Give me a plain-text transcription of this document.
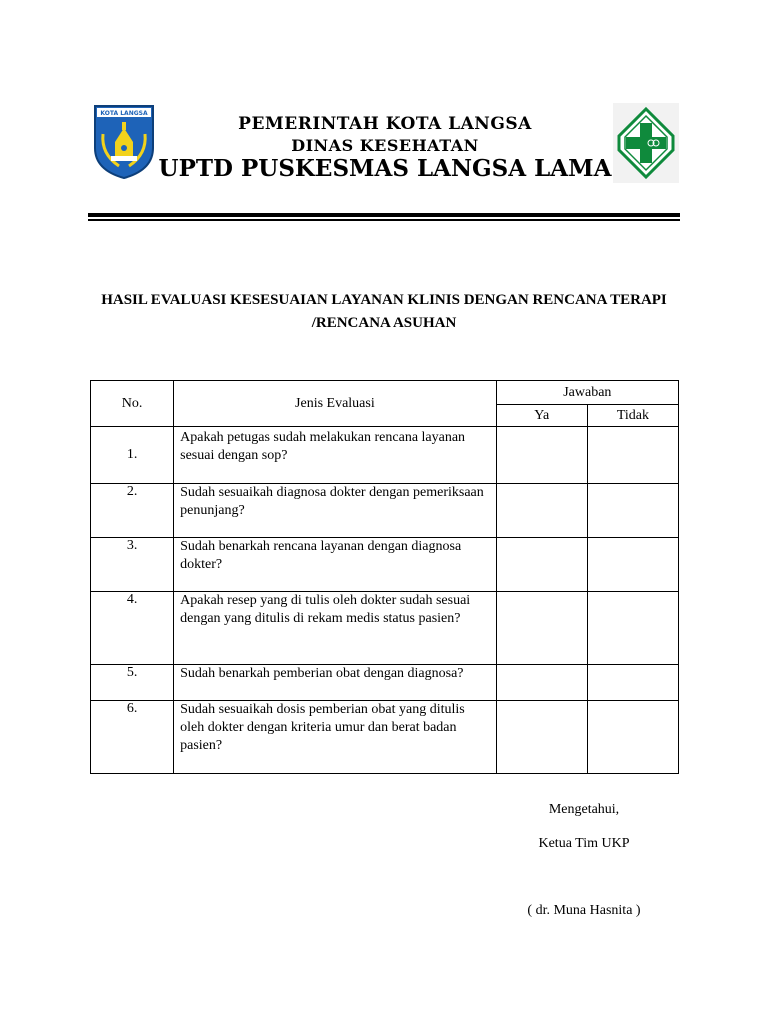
KOTA LANGSA
PEMERINTAH KOTA LANGSA
DINAS KESEHATAN
UPTD PUSKESMAS LANGSA LAMA
HASIL EVALUASI KESESUAIAN LAYANAN KLINIS DENGAN RENCANA TERAPI
/RENCANA ASUHAN
No.	Jenis Evaluasi	Jawaban	
		Ya	Tidak
1.	Apakah petugas sudah melakukan rencana layanan sesuai dengan sop?		
2.	Sudah sesuaikah diagnosa dokter dengan pemeriksaan penunjang?		
3.	Sudah benarkah rencana layanan dengan diagnosa dokter?		
4.	Apakah resep yang di tulis oleh dokter sudah sesuai dengan yang ditulis di rekam medis status pasien?		
5.	Sudah benarkah pemberian obat dengan diagnosa?		
6.	Sudah sesuaikah dosis pemberian obat yang ditulis oleh dokter dengan kriteria umur dan berat badan pasien?		
Mengetahui,
Ketua Tim UKP
( dr. Muna Hasnita )
